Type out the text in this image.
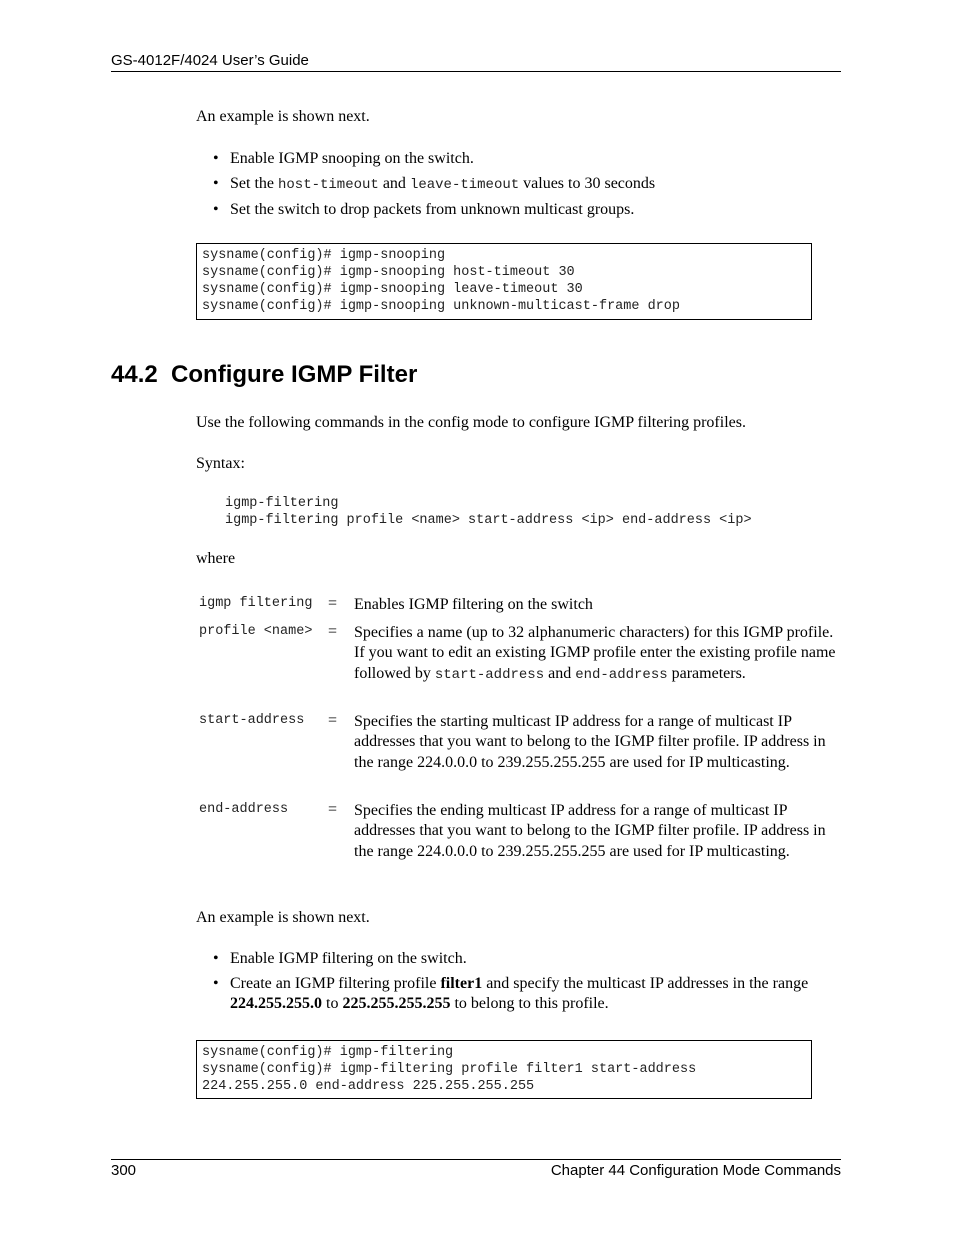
GS-4012F/4024 User’s Guide
An example is shown next.
• Enable IGMP snooping on the switch.
• Set the host-timeout and leave-timeout values to 30 seconds
• Set the switch to drop packets from unknown multicast groups.
sysname(config)# igmp-snooping
sysname(config)# igmp-snooping host-timeout 30
sysname(config)# igmp-snooping leave-timeout 30
sysname(config)# igmp-snooping unknown-multicast-frame drop
44.2  Configure IGMP Filter
Use the following commands in the config mode to configure IGMP filtering profiles.
Syntax:
igmp-filtering
igmp-filtering profile <name> start-address <ip> end-address <ip>
where
igmp filtering = Enables IGMP filtering on the switch
profile <name> = Specifies a name (up to 32 alphanumeric characters) for this IGMP profile. If you want to edit an existing IGMP profile enter the existing profile name followed by start-address and end-address parameters.
start-address = Specifies the starting multicast IP address for a range of multicast IP addresses that you want to belong to the IGMP filter profile. IP address in the range 224.0.0.0 to 239.255.255.255 are used for IP multicasting.
end-address = Specifies the ending multicast IP address for a range of multicast IP addresses that you want to belong to the IGMP filter profile. IP address in the range 224.0.0.0 to 239.255.255.255 are used for IP multicasting.
An example is shown next.
• Enable IGMP filtering on the switch.
• Create an IGMP filtering profile filter1 and specify the multicast IP addresses in the range 224.255.255.0 to 225.255.255.255 to belong to this profile.
sysname(config)# igmp-filtering
sysname(config)# igmp-filtering profile filter1 start-address
224.255.255.0 end-address 225.255.255.255
300	Chapter 44 Configuration Mode Commands
